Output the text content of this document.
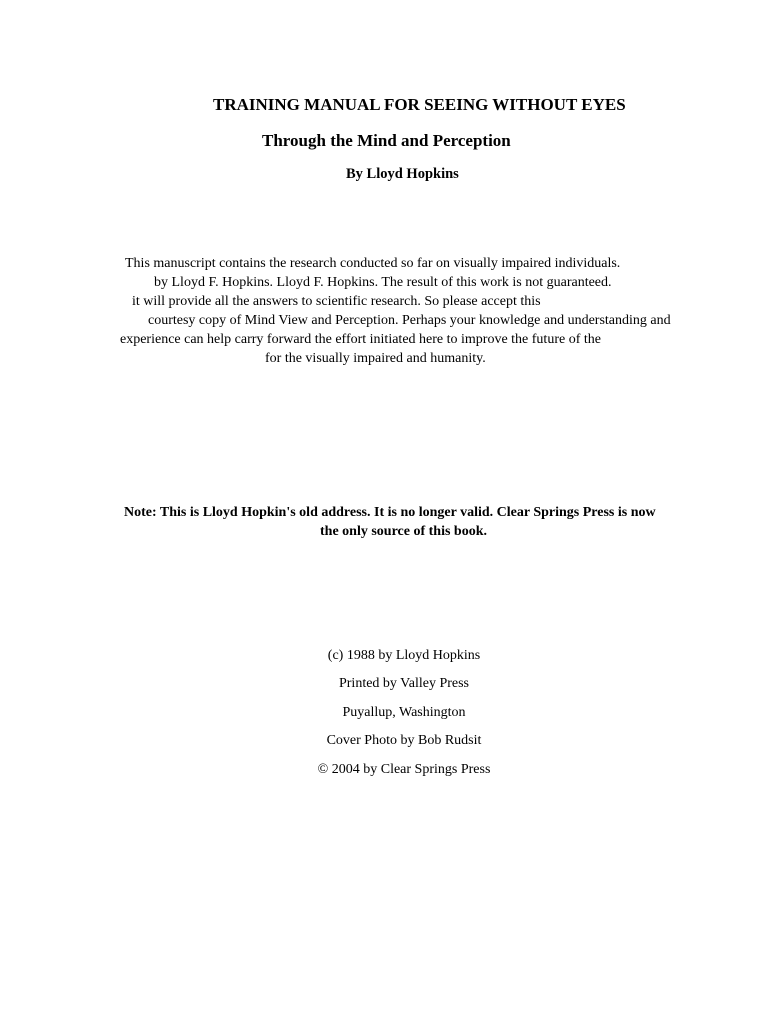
TRAINING MANUAL FOR SEEING WITHOUT EYES
Through the Mind and Perception
By Lloyd Hopkins
This manuscript contains the research conducted so far on visually impaired individuals.
by Lloyd F. Hopkins. Lloyd F. Hopkins. The result of this work is not guaranteed.
it will provide all the answers to scientific research. So please accept this
courtesy copy of Mind View and Perception. Perhaps your knowledge and understanding and
experience can help carry forward the effort initiated here to improve the future of the
for the visually impaired and humanity.
Note: This is Lloyd Hopkin's old address. It is no longer valid. Clear Springs Press is now
the only source of this book.
(c) 1988 by Lloyd Hopkins
Printed by Valley Press
Puyallup, Washington
Cover Photo by Bob Rudsit
© 2004 by Clear Springs Press
